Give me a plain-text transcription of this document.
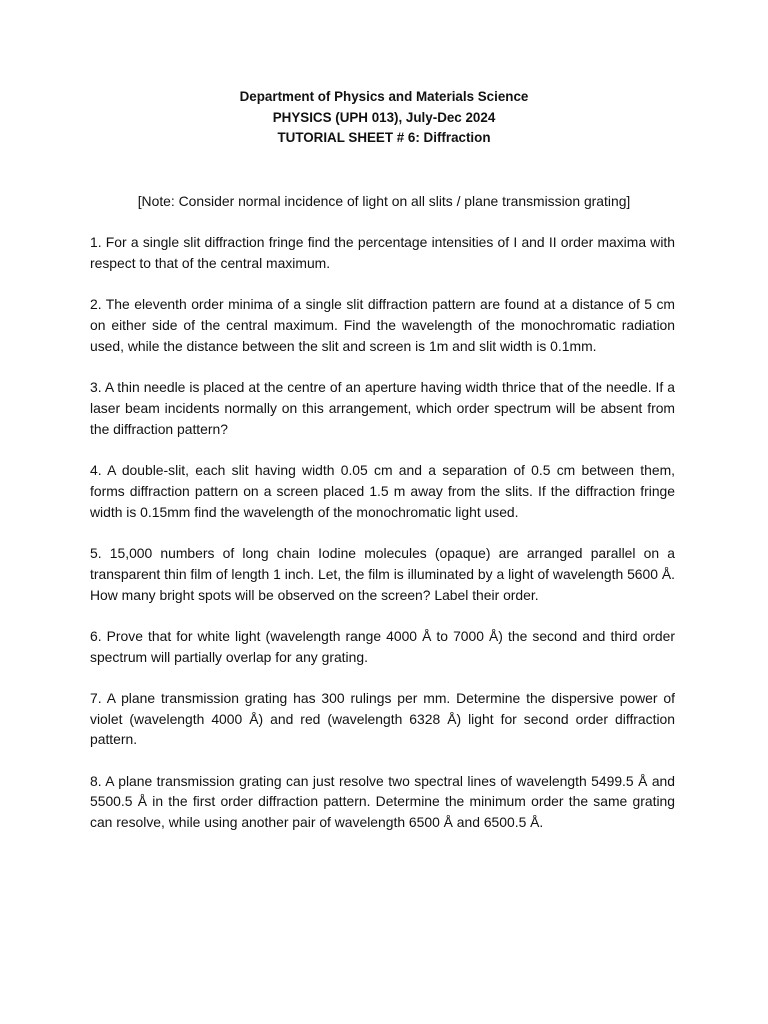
Department of Physics and Materials Science
PHYSICS (UPH 013), July-Dec 2024
TUTORIAL SHEET # 6: Diffraction
[Note: Consider normal incidence of light on all slits / plane transmission grating]

1. For a single slit diffraction fringe find the percentage intensities of I and II order maxima with respect to that of the central maximum.

2. The eleventh order minima of a single slit diffraction pattern are found at a distance of 5 cm on either side of the central maximum. Find the wavelength of the monochromatic radiation used, while the distance between the slit and screen is 1m and slit width is 0.1mm.

3. A thin needle is placed at the centre of an aperture having width thrice that of the needle. If a laser beam incidents normally on this arrangement, which order spectrum will be absent from the diffraction pattern?

4. A double-slit, each slit having width 0.05 cm and a separation of 0.5 cm between them, forms diffraction pattern on a screen placed 1.5 m away from the slits. If the diffraction fringe width is 0.15mm find the wavelength of the monochromatic light used.

5. 15,000 numbers of long chain Iodine molecules (opaque) are arranged parallel on a transparent thin film of length 1 inch. Let, the film is illuminated by a light of wavelength 5600 Å. How many bright spots will be observed on the screen? Label their order.

6. Prove that for white light (wavelength range 4000 Å to 7000 Å) the second and third order spectrum will partially overlap for any grating.

7. A plane transmission grating has 300 rulings per mm. Determine the dispersive power of violet (wavelength 4000 Å) and red (wavelength 6328 Å) light for second order diffraction pattern.

8. A plane transmission grating can just resolve two spectral lines of wavelength 5499.5 Å and 5500.5 Å in the first order diffraction pattern. Determine the minimum order the same grating can resolve, while using another pair of wavelength 6500 Å and 6500.5 Å.
